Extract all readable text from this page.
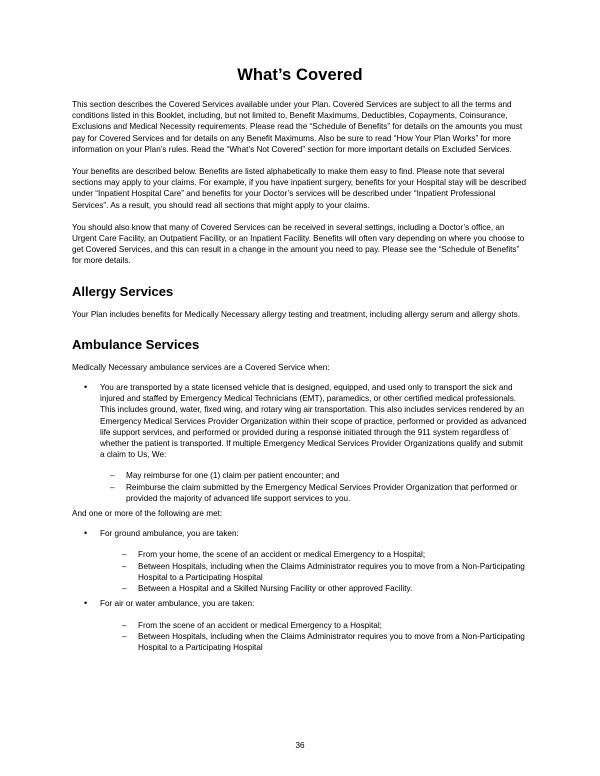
What’s Covered

This section describes the Covered Services available under your Plan. Covered Services are subject to all the terms and conditions listed in this Booklet, including, but not limited to, Benefit Maximums, Deductibles, Copayments, Coinsurance, Exclusions and Medical Necessity requirements. Please read the “Schedule of Benefits” for details on the amounts you must pay for Covered Services and for details on any Benefit Maximums. Also be sure to read “How Your Plan Works” for more information on your Plan’s rules. Read the “What’s Not Covered” section for more important details on Excluded Services.

Your benefits are described below. Benefits are listed alphabetically to make them easy to find. Please note that several sections may apply to your claims. For example, if you have inpatient surgery, benefits for your Hospital stay will be described under “Inpatient Hospital Care” and benefits for your Doctor’s services will be described under “Inpatient Professional Services”. As a result, you should read all sections that might apply to your claims.

You should also know that many of Covered Services can be received in several settings, including a Doctor’s office, an Urgent Care Facility, an Outpatient Facility, or an Inpatient Facility. Benefits will often vary depending on where you choose to get Covered Services, and this can result in a change in the amount you need to pay. Please see the “Schedule of Benefits” for more details.

Allergy Services

Your Plan includes benefits for Medically Necessary allergy testing and treatment, including allergy serum and allergy shots.

Ambulance Services

Medically Necessary ambulance services are a Covered Service when:

• You are transported by a state licensed vehicle that is designed, equipped, and used only to transport the sick and injured and staffed by Emergency Medical Technicians (EMT), paramedics, or other certified medical professionals. This includes ground, water, fixed wing, and rotary wing air transportation. This also includes services rendered by an Emergency Medical Services Provider Organization within their scope of practice, performed or provided as advanced life support services, and performed or provided during a response initiated through the 911 system regardless of whether the patient is transported. If multiple Emergency Medical Services Provider Organizations qualify and submit a claim to Us, We:
– May reimburse for one (1) claim per patient encounter; and
– Reimburse the claim submitted by the Emergency Medical Services Provider Organization that performed or provided the majority of advanced life support services to you.

And one or more of the following are met:

• For ground ambulance, you are taken:
– From your home, the scene of an accident or medical Emergency to a Hospital;
– Between Hospitals, including when the Claims Administrator requires you to move from a Non-Participating Hospital to a Participating Hospital
– Between a Hospital and a Skilled Nursing Facility or other approved Facility.
• For air or water ambulance, you are taken:
– From the scene of an accident or medical Emergency to a Hospital;
– Between Hospitals, including when the Claims Administrator requires you to move from a Non-Participating Hospital to a Participating Hospital
36
